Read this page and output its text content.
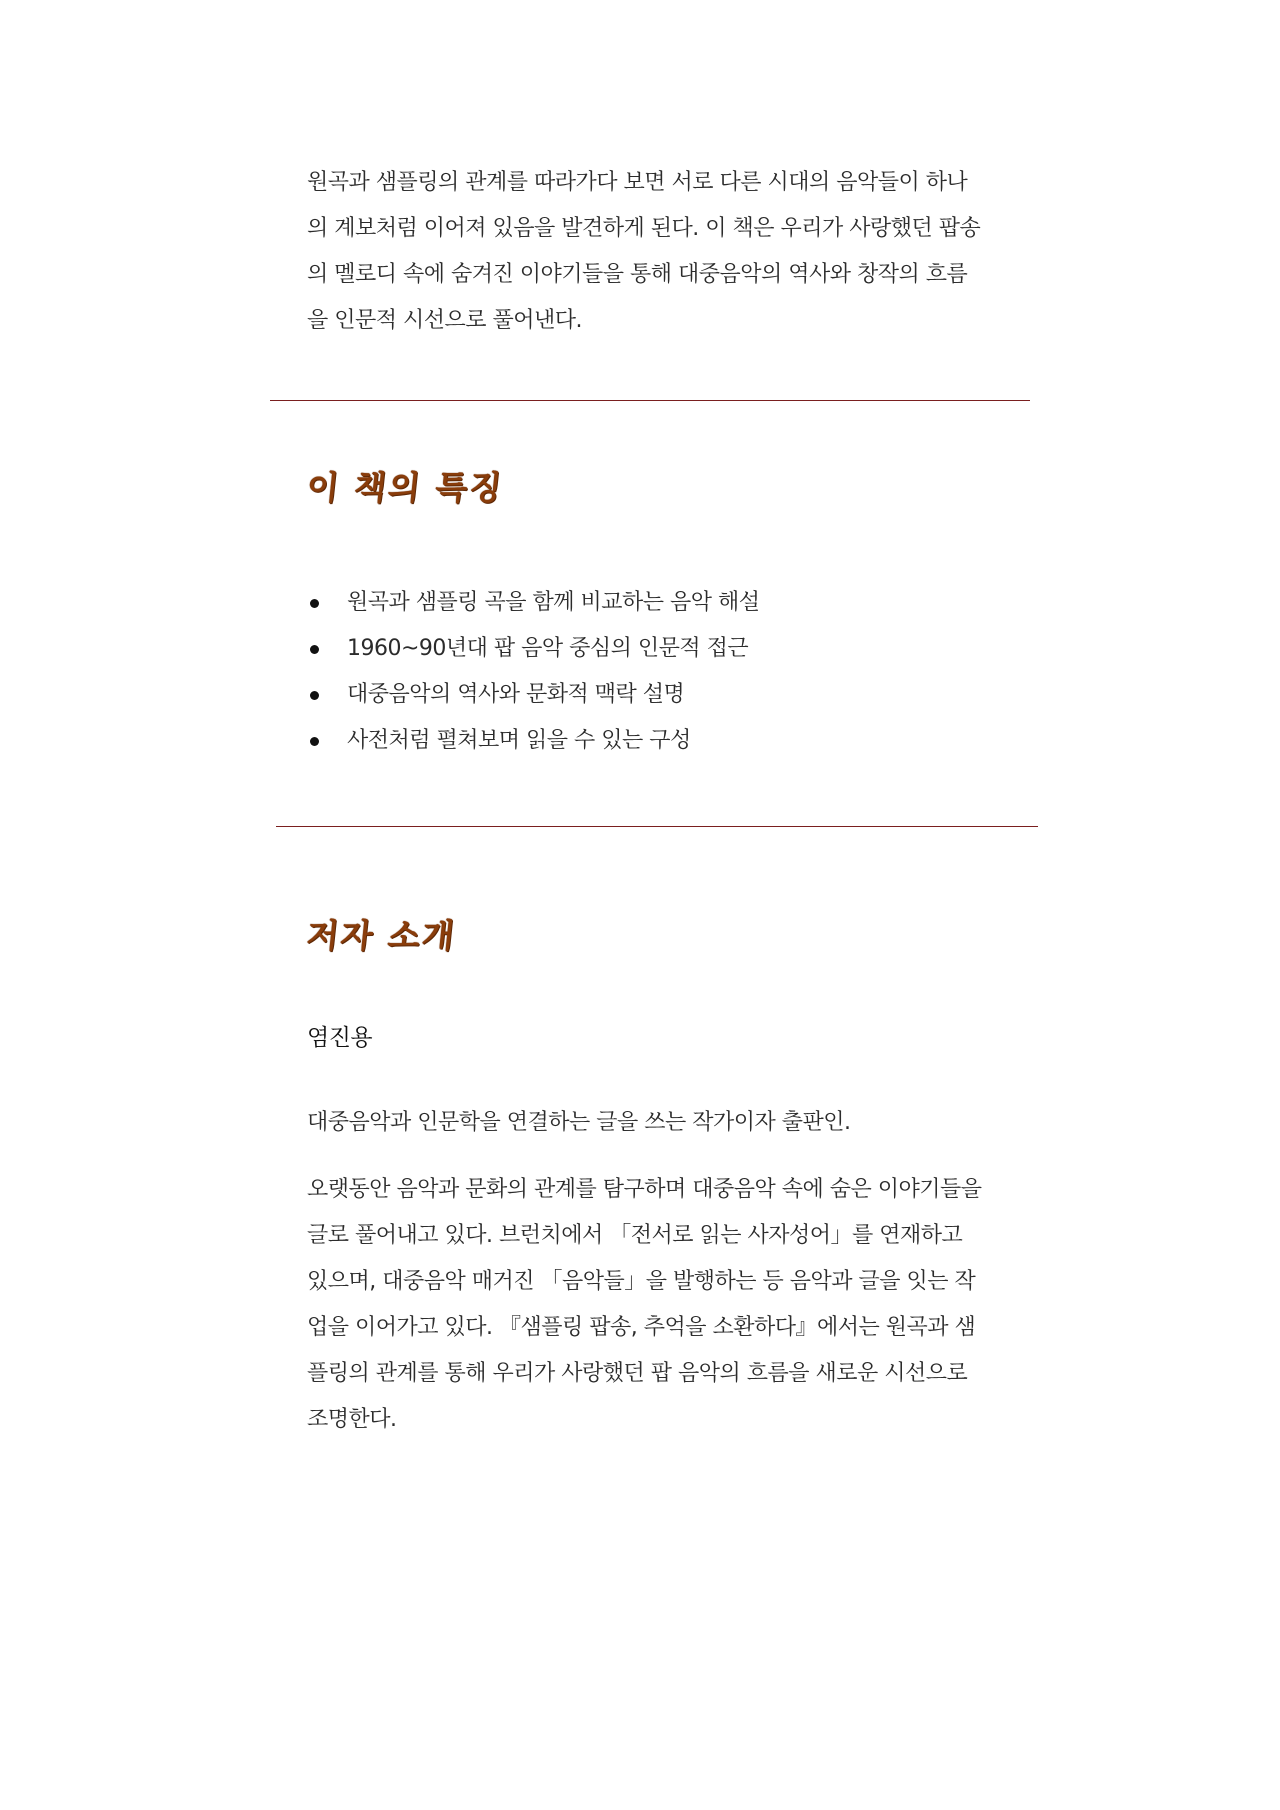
원곡과 샘플링의 관계를 따라가다 보면 서로 다른 시대의 음악들이 하나의 계보처럼 이어져 있음을 발견하게 된다. 이 책은 우리가 사랑했던 팝송의 멜로디 속에 숨겨진 이야기들을 통해 대중음악의 역사와 창작의 흐름을 인문적 시선으로 풀어낸다.

이 책의 특징
원곡과 샘플링 곡을 함께 비교하는 음악 해설
1960~90년대 팝 음악 중심의 인문적 접근
대중음악의 역사와 문화적 맥락 설명
사전처럼 펼쳐보며 읽을 수 있는 구성
저자 소개

염진용

대중음악과 인문학을 연결하는 글을 쓰는 작가이자 출판인.

오랫동안 음악과 문화의 관계를 탐구하며 대중음악 속에 숨은 이야기들을 글로 풀어내고 있다. 브런치에서 「전서로 읽는 사자성어」를 연재하고 있으며, 대중음악 매거진 「음악들」을 발행하는 등 음악과 글을 잇는 작업을 이어가고 있다. 『샘플링 팝송, 추억을 소환하다』에서는 원곡과 샘플링의 관계를 통해 우리가 사랑했던 팝 음악의 흐름을 새로운 시선으로 조명한다.
